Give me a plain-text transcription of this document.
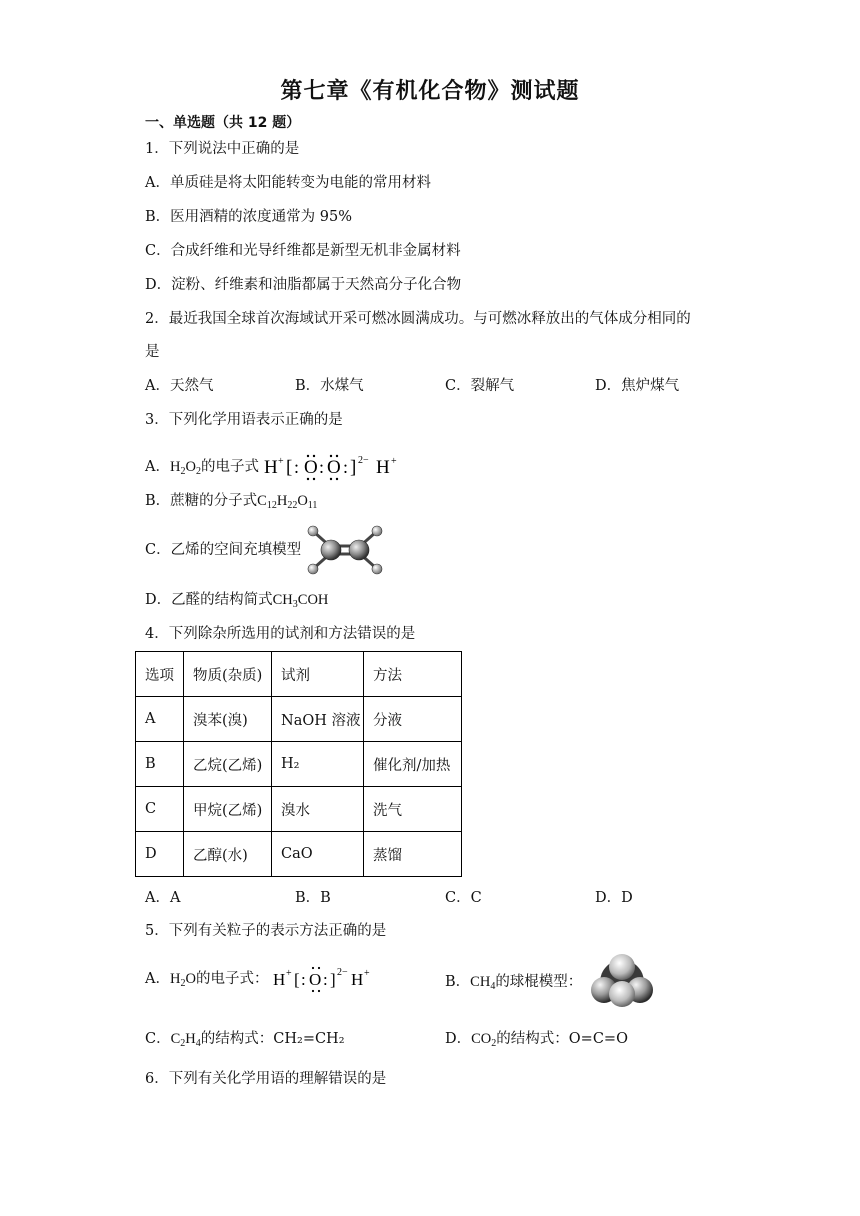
第七章《有机化合物》测试题
一、单选题（共 12 题）
1．下列说法中正确的是
A．单质硅是将太阳能转变为电能的常用材料
B．医用酒精的浓度通常为 95%
C．合成纤维和光导纤维都是新型无机非金属材料
D．淀粉、纤维素和油脂都属于天然高分子化合物
2．最近我国全球首次海域试开采可燃冰圆满成功。与可燃冰释放出的气体成分相同的
是
A．天然气	B．水煤气	C．裂解气	D．焦炉煤气
3．下列化学用语表示正确的是
A．$H_2O_2$的电子式 H + [ : O : O : ] 2− H +
B．蔗糖的分子式$C_{12}H_{22}O_{11}$
C．乙烯的空间充填模型
D．乙醛的结构简式$CH_3COH$
4．下列除杂所选用的试剂和方法错误的是
选项	物质(杂质)	试剂	方法
A	溴苯(溴)	NaOH 溶液	分液
B	乙烷(乙烯)	H₂	催化剂/加热
C	甲烷(乙烯)	溴水	洗气
D	乙醇(水)	CaO	蒸馏
A．A	B．B	C．C	D．D
5．下列有关粒子的表示方法正确的是
A．$H_2O$的电子式： H + [ : O : ] 2− H +
B．$CH_4$的球棍模型：
C．$C_2H_4$的结构式：CH₂=CH₂	D．$CO_2$的结构式：O=C=O
6．下列有关化学用语的理解错误的是
